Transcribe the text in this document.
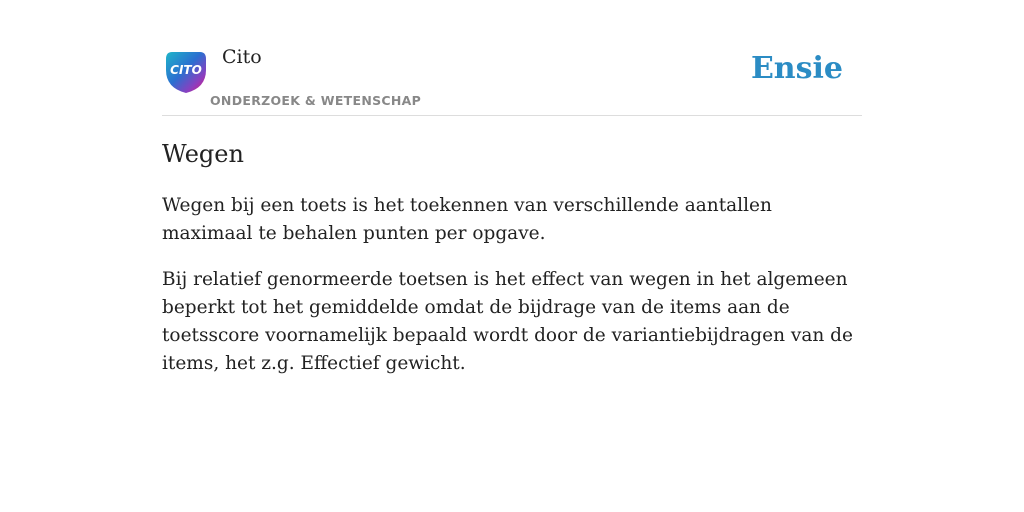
CITO
Cito
ONDERZOEK & WETENSCHAP
Ensie
Wegen

Wegen bij een toets is het toekennen van verschillende aantallen maximaal te behalen punten per opgave.

Bij relatief genormeerde toetsen is het effect van wegen in het algemeen beperkt tot het gemiddelde omdat de bijdrage van de items aan de toetsscore voornamelijk bepaald wordt door de variantiebijdragen van de items, het z.g. Effectief gewicht.
